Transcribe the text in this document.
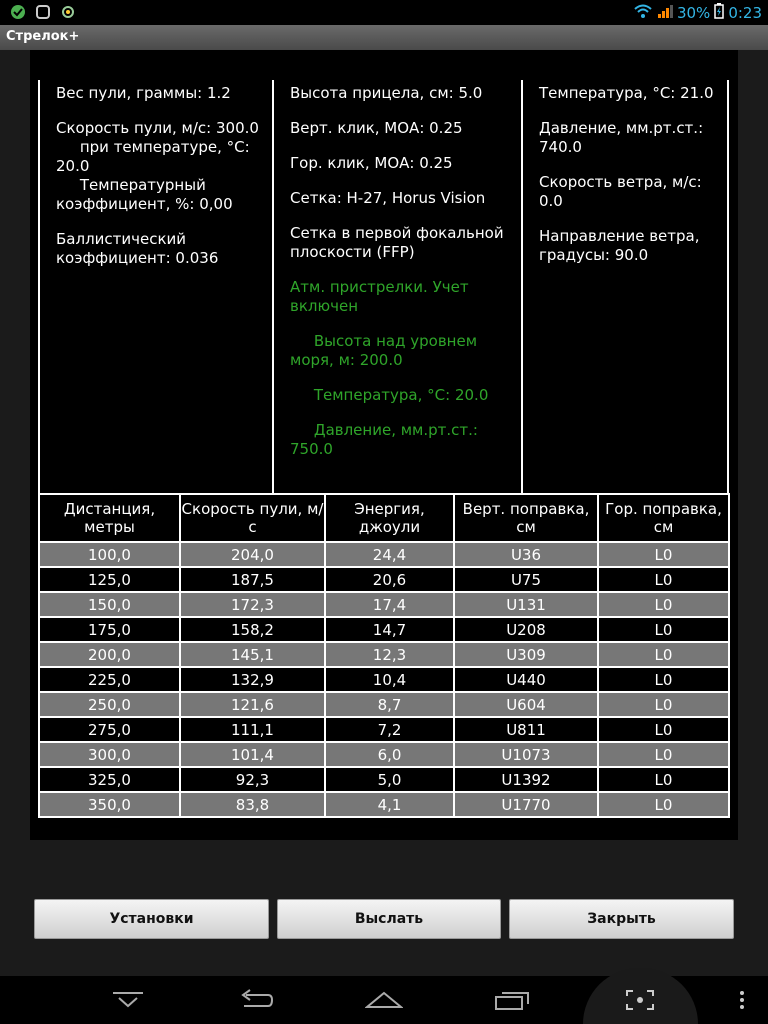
30% 0:23
Стрелок+
Вес пули, граммы: 1.2
Скорость пули, м/с: 300.0
при температуре, °С: 20.0
Температурный коэффициент, %: 0,00
Баллистический коэффициент: 0.036
Высота прицела, см: 5.0
Верт. клик, МОА: 0.25
Гор. клик, МОА: 0.25
Сетка: H-27, Horus Vision
Сетка в первой фокальной плоскости (FFP)
Атм. пристрелки. Учет включен
Высота над уровнем моря, м: 200.0
Температура, °С: 20.0
Давление, мм.рт.ст.: 750.0
Температура, °С: 21.0
Давление, мм.рт.ст.: 740.0
Скорость ветра, м/с: 0.0
Направление ветра, градусы: 90.0
Дистанция, метры	Скорость пули, м/с	Энергия, джоули	Верт. поправка, см	Гор. поправка, см
100,0	204,0	24,4	U36	L0
125,0	187,5	20,6	U75	L0
150,0	172,3	17,4	U131	L0
175,0	158,2	14,7	U208	L0
200,0	145,1	12,3	U309	L0
225,0	132,9	10,4	U440	L0
250,0	121,6	8,7	U604	L0
275,0	111,1	7,2	U811	L0
300,0	101,4	6,0	U1073	L0
325,0	92,3	5,0	U1392	L0
350,0	83,8	4,1	U1770	L0
Установки	Выслать	Закрыть
